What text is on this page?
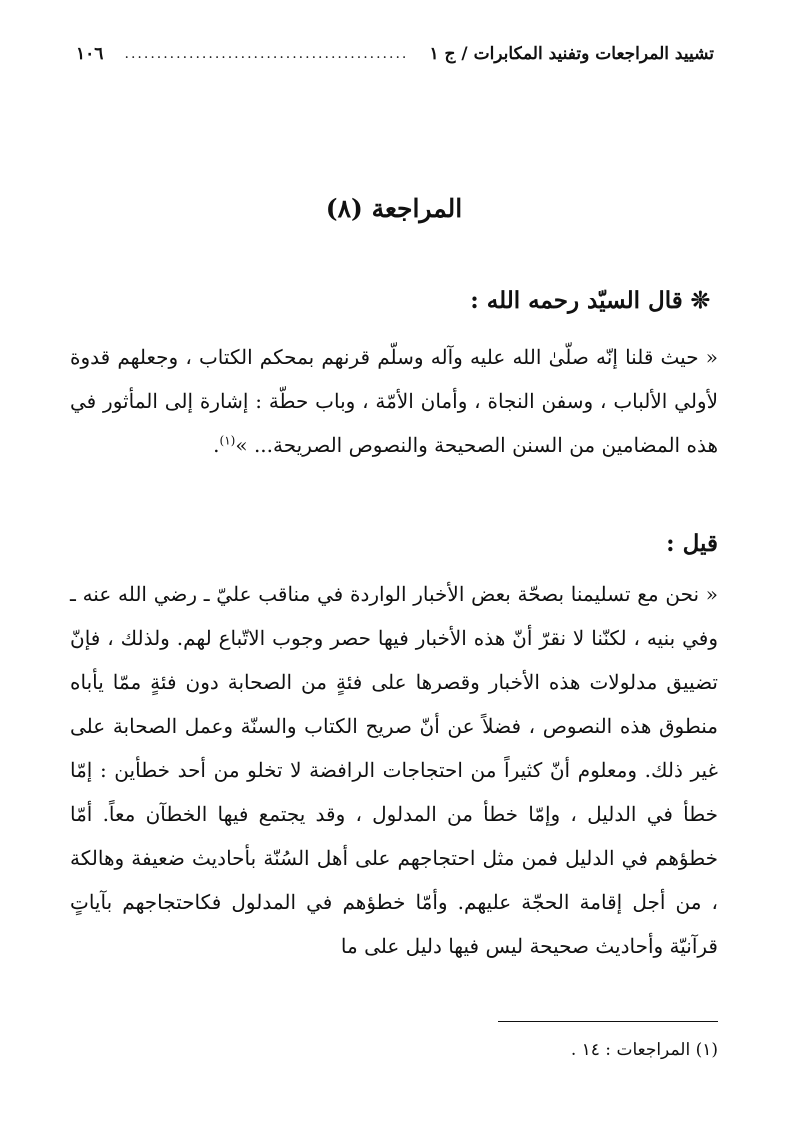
تشييد المراجعات وتفنيد المكابرات / ج ١
............................................
١٠٦
المراجعة (٨)
❊ قال السيّد رحمه الله :
« حيث قلنا إنّه صلّىٰ الله عليه وآله وسلّم قرنهم بمحكم الكتاب ، وجعلهم قدوة لأولي الألباب ، وسفن النجاة ، وأمان الأمّة ، وباب حطّة : إشارة إلى المأثور في هذه المضامين من السنن الصحيحة والنصوص الصريحة... »$^{(١)}$.
قيل :
« نحن مع تسليمنا بصحّة بعض الأخبار الواردة في مناقب عليّ ـ رضي الله عنه ـ وفي بنيه ، لكنّنا لا نقرّ أنّ هذه الأخبار فيها حصر وجوب الاتّباع لهم. ولذلك ، فإنّ تضييق مدلولات هذه الأخبار وقصرها على فئةٍ من الصحابة دون فئةٍ ممّا يأباه منطوق هذه النصوص ، فضلاً عن أنّ صريح الكتاب والسنّة وعمل الصحابة على غير ذلك. ومعلوم أنّ كثيراً من احتجاجات الرافضة لا تخلو من أحد خطأين : إمّا خطأ في الدليل ، وإمّا خطأ من المدلول ، وقد يجتمع فيها الخطآن معاً. أمّا خطؤهم في الدليل فمن مثل احتجاجهم على أهل السُنّة بأحاديث ضعيفة وهالكة ، من أجل إقامة الحجّة عليهم. وأمّا خطؤهم في المدلول فكاحتجاجهم بآياتٍ قرآنيّة وأحاديث صحيحة ليس فيها دليل على ما
(١) المراجعات : ١٤ .
